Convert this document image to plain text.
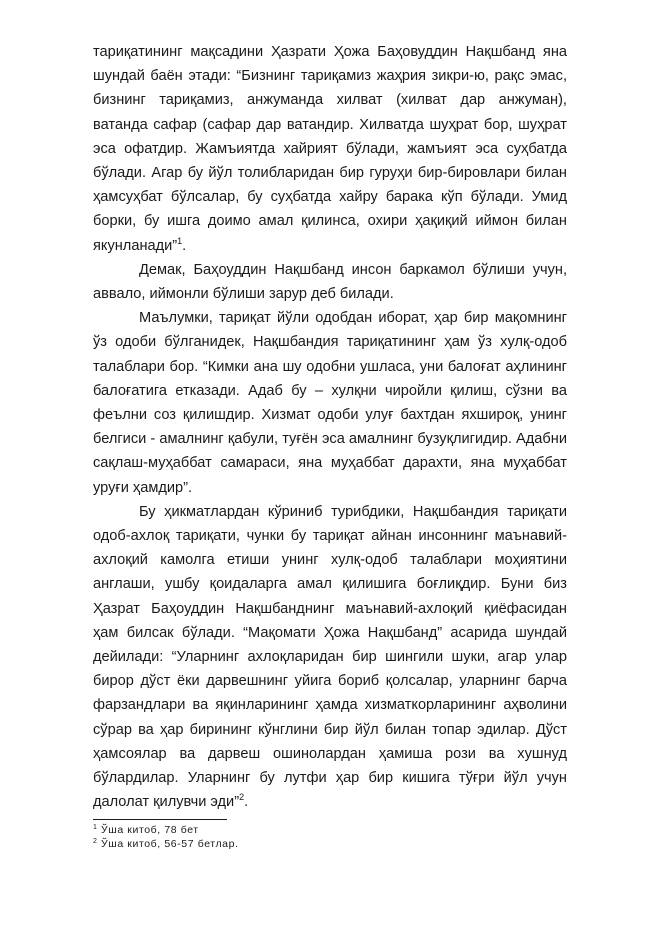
тариқатининг мақсадини Ҳазрати Ҳожа Баҳовуддин Нақшбанд яна шундай баён этади: “Бизнинг тариқамиз жаҳрия зикри-ю, рақс эмас, бизнинг тариқамиз, анжуманда хилват (хилват дар анжуман), ватанда сафар (сафар дар ватандир. Хилватда шуҳрат бор, шуҳрат эса офатдир. Жамъиятда хайрият бўлади, жамъият эса суҳбатда бўлади. Агар бу йўл толибларидан бир гуруҳи бир-бировлари билан ҳамсуҳбат бўлсалар, бу суҳбатда хайру барака кўп бўлади. Умид борки, бу ишга доимо амал қилинса, охири ҳақиқий иймон билан якунланади”$^1$.

Демак, Баҳоуддин Нақшбанд инсон баркамол бўлиши учун, аввало, иймонли бўлиши зарур деб билади.

Маълумки, тариқат йўли одобдан иборат, ҳар бир мақомнинг ўз одоби бўлганидек, Нақшбандия тариқатининг ҳам ўз хулқ-одоб талаблари бор. “Кимки ана шу одобни ушласа, уни балоғат аҳлининг балоғатига етказади. Адаб бу – хулқни чиройли қилиш, сўзни ва феълни соз қилишдир. Хизмат одоби улуғ бахтдан яхшироқ, унинг белгиси - амалнинг қабули, туғён эса амалнинг бузуқлигидир. Адабни сақлаш-муҳаббат самараси, яна муҳаббат дарахти, яна муҳаббат уруғи ҳамдир”.

Бу ҳикматлардан кўриниб турибдики, Нақшбандия тариқати одоб-ахлоқ тариқати, чунки бу тариқат айнан инсоннинг маънавий-ахлоқий камолга етиши унинг хулқ-одоб талаблари моҳиятини англаши, ушбу қоидаларга амал қилишига боғлиқдир. Буни биз Ҳазрат Баҳоуддин Нақшбанднинг маънавий-ахлоқий қиёфасидан ҳам билсак бўлади. “Мақомати Ҳожа Нақшбанд” асарида шундай дейилади: “Уларнинг ахлоқларидан бир шингили шуки, агар улар бирор дўст ёки дарвешнинг уйига бориб қолсалар, уларнинг барча фарзандлари ва яқинларининг ҳамда хизматкорларининг аҳволини сўрар ва ҳар бирининг кўнглини бир йўл билан топар эдилар. Дўст ҳамсоялар ва дарвеш ошинолардан ҳамиша рози ва хушнуд бўлардилар. Уларнинг бу лутфи ҳар бир кишига тўғри йўл учун далолат қилувчи эди”$^2$.

$^1$ Ўша китоб, 78 бет

$^2$ Ўша китоб, 56-57 бетлар.
